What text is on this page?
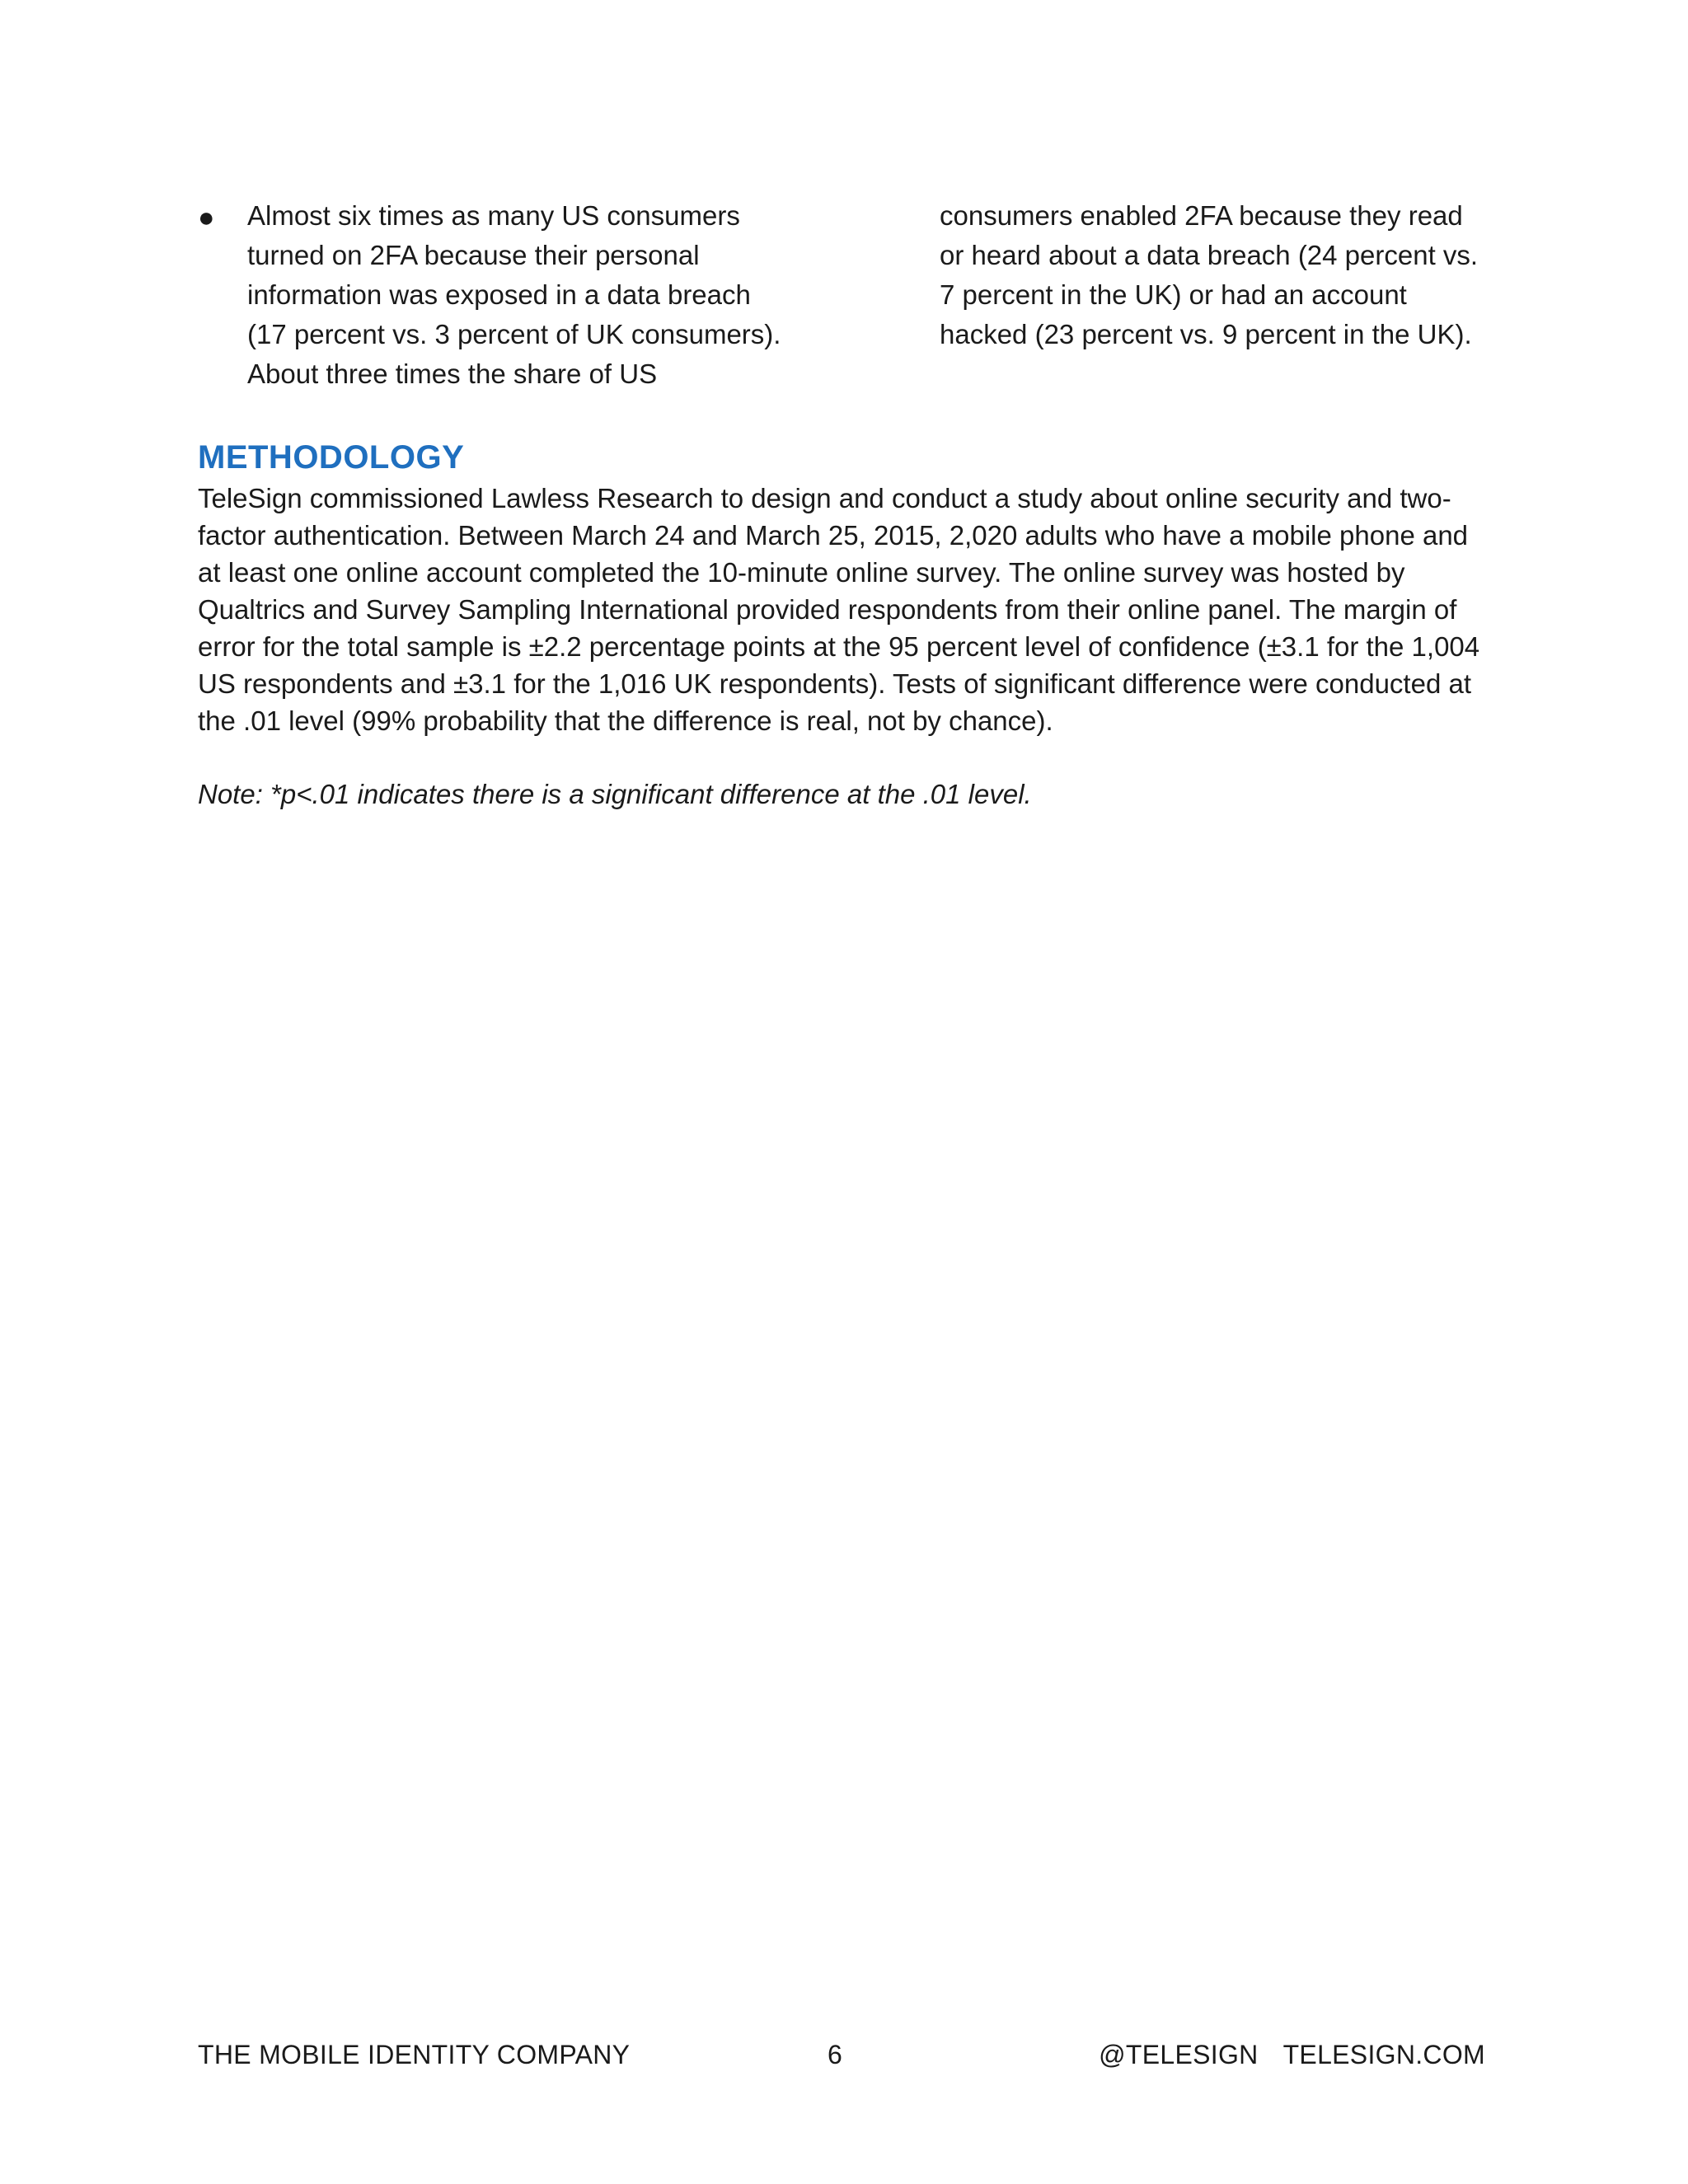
●	Almost six times as many US consumers turned on 2FA because their personal information was exposed in a data breach (17 percent vs. 3 percent of UK consumers). About three times the share of US

consumers enabled 2FA because they read or heard about a data breach (24 percent vs. 7 percent in the UK) or had an account hacked (23 percent vs. 9 percent in the UK).

METHODOLOGY

TeleSign commissioned Lawless Research to design and conduct a study about online security and two-factor authentication. Between March 24 and March 25, 2015, 2,020 adults who have a mobile phone and at least one online account completed the 10-minute online survey. The online survey was hosted by Qualtrics and Survey Sampling International provided respondents from their online panel. The margin of error for the total sample is ±2.2 percentage points at the 95 percent level of confidence (±3.1 for the 1,004 US respondents and ±3.1 for the 1,016 UK respondents). Tests of significant difference were conducted at the .01 level (99% probability that the difference is real, not by chance).

Note: *p<.01 indicates there is a significant difference at the .01 level.

THE MOBILE IDENTITY COMPANY	6	@TELESIGN TELESIGN.COM
